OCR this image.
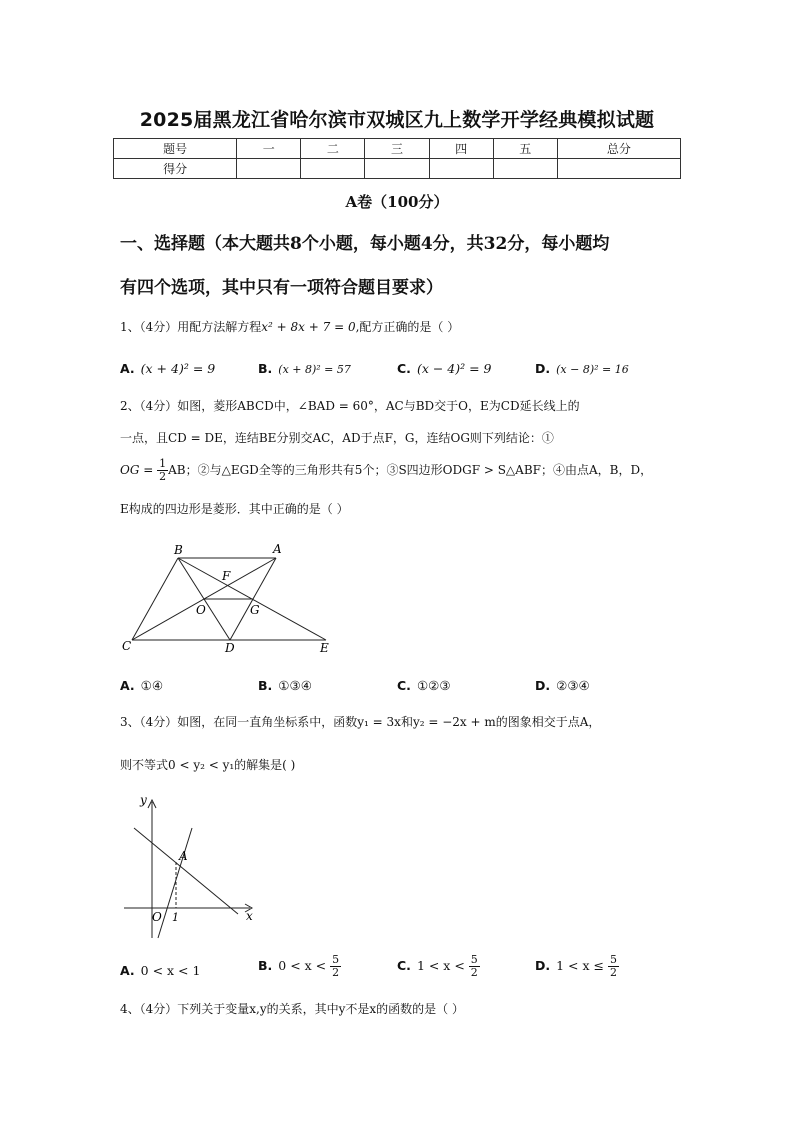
2025届黑龙江省哈尔滨市双城区九上数学开学经典模拟试题
题号	一	二	三	四	五	总分
得分						
A卷（100分）
一、选择题（本大题共8个小题，每小题4分，共32分，每小题均
有四个选项，其中只有一项符合题目要求）
1、（4分）用配方法解方程x² + 8x + 7 = 0,配方正确的是（ ）
A. (x + 4)² = 9	B. (x + 8)² = 57	C. (x − 4)² = 9	D. (x − 8)² = 16
2、（4分）如图，菱形ABCD中，∠BAD = 60°，AC与BD交于O，E为CD延长线上的
一点，且CD = DE，连结BE分别交AC，AD于点F，G，连结OG则下列结论：①
OG = $\frac{1}{2}$ AB；②与△EGD全等的三角形共有5个；③S四边形ODGF > S△ABF；④由点A，B，D，
E构成的四边形是菱形．其中正确的是（ ）
B	A
F
O	G
C	D	E
A. ①④	B. ①③④	C. ①②③	D. ②③④
3、（4分）如图，在同一直角坐标系中，函数y₁ = 3x和y₂ = −2x + m的图象相交于点A，
则不等式0 < y₂ < y₁的解集是( )
y
A
O 1	x
A. 0 < x < 1	B. $0 < x < \frac{5}{2}$	C. $1 < x < \frac{5}{2}$	D. $1 < x \le \frac{5}{2}$
4、（4分）下列关于变量x,y的关系，其中y不是x的函数的是（ ）
